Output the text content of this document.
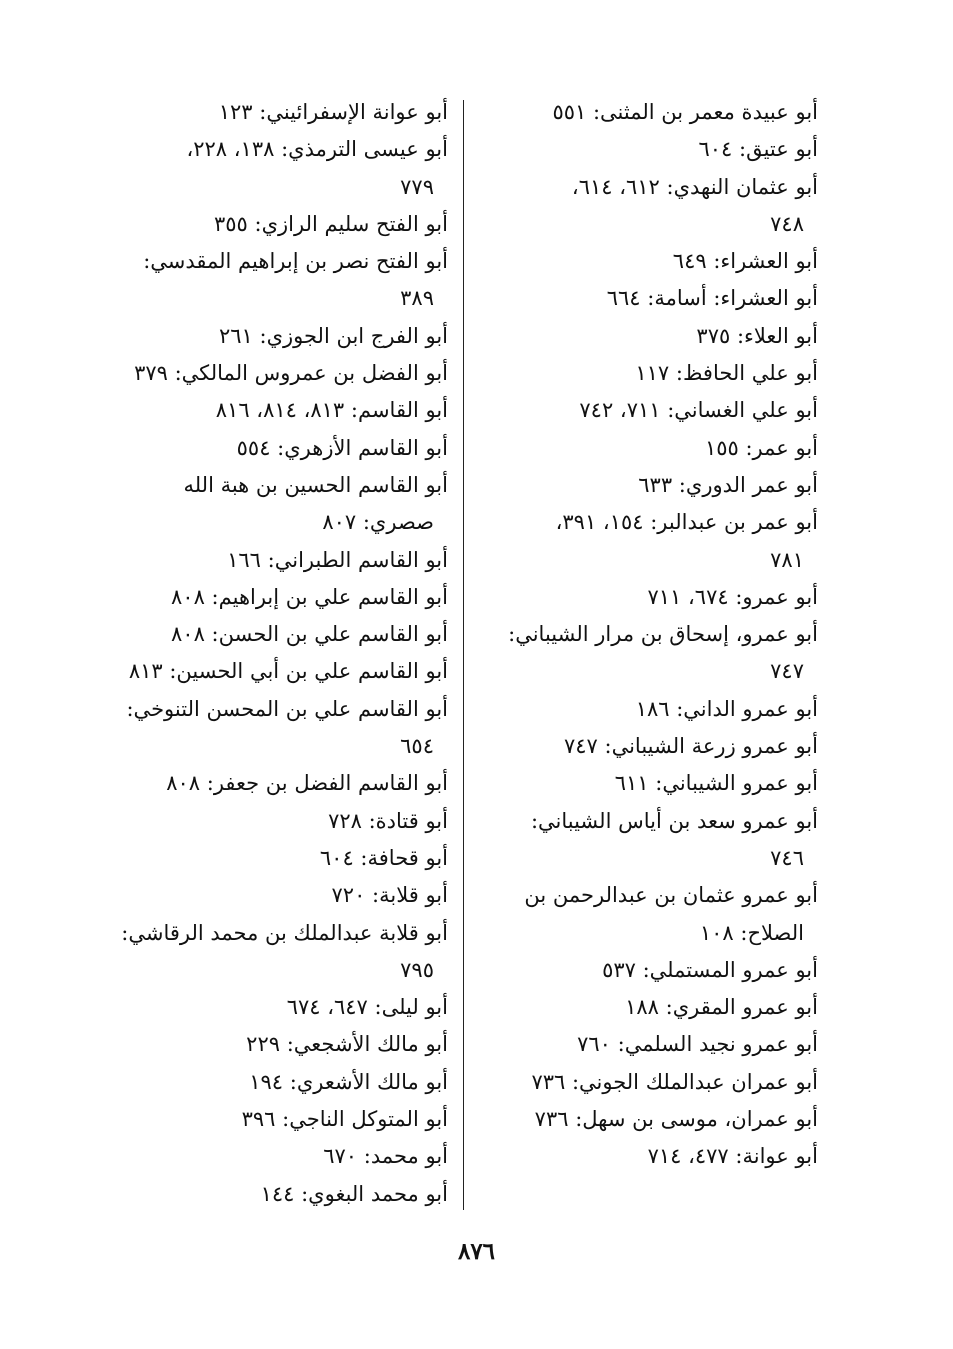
أبو عبيدة معمر بن المثنى: ٥٥١

أبو عتيق: ٦٠٤

أبو عثمان النهدي: ٦١٢، ٦١٤،

٧٤٨

أبو العشراء: ٦٤٩

أبو العشراء: أسامة: ٦٦٤

أبو العلاء: ٣٧٥

أبو علي الحافظ: ١١٧

أبو علي الغساني: ٧١١، ٧٤٢

أبو عمر: ١٥٥

أبو عمر الدوري: ٦٣٣

أبو عمر بن عبدالبر: ١٥٤، ٣٩١،

٧٨١

أبو عمرو: ٦٧٤، ٧١١

أبو عمرو، إسحاق بن مرار الشيباني:

٧٤٧

أبو عمرو الداني: ١٨٦

أبو عمرو زرعة الشيباني: ٧٤٧

أبو عمرو الشيباني: ٦١١

أبو عمرو سعد بن أياس الشيباني:

٧٤٦

أبو عمرو عثمان بن عبدالرحمن بن

الصلاح: ١٠٨

أبو عمرو المستملي: ٥٣٧

أبو عمرو المقري: ١٨٨

أبو عمرو نجيد السلمي: ٧٦٠

أبو عمران عبدالملك الجوني: ٧٣٦

أبو عمران، موسى بن سهل: ٧٣٦

أبو عوانة: ٤٧٧، ٧١٤

أبو عوانة الإسفرائيني: ١٢٣

أبو عيسى الترمذي: ١٣٨، ٢٢٨،

٧٧٩

أبو الفتح سليم الرازي: ٣٥٥

أبو الفتح نصر بن إبراهيم المقدسي:

٣٨٩

أبو الفرج ابن الجوزي: ٢٦١

أبو الفضل بن عمروس المالكي: ٣٧٩

أبو القاسم: ٨١٣، ٨١٤، ٨١٦

أبو القاسم الأزهري: ٥٥٤

أبو القاسم الحسين بن هبة الله

صصري: ٨٠٧

أبو القاسم الطبراني: ١٦٦

أبو القاسم علي بن إبراهيم: ٨٠٨

أبو القاسم علي بن الحسن: ٨٠٨

أبو القاسم علي بن أبي الحسين: ٨١٣

أبو القاسم علي بن المحسن التنوخي:

٦٥٤

أبو القاسم الفضل بن جعفر: ٨٠٨

أبو قتادة: ٧٢٨

أبو قحافة: ٦٠٤

أبو قلابة: ٧٢٠

أبو قلابة عبدالملك بن محمد الرقاشي:

٧٩٥

أبو ليلى: ٦٤٧، ٦٧٤

أبو مالك الأشجعي: ٢٢٩

أبو مالك الأشعري: ١٩٤

أبو المتوكل الناجي: ٣٩٦

أبو محمد: ٦٧٠

أبو محمد البغوي: ١٤٤

٨٧٦
